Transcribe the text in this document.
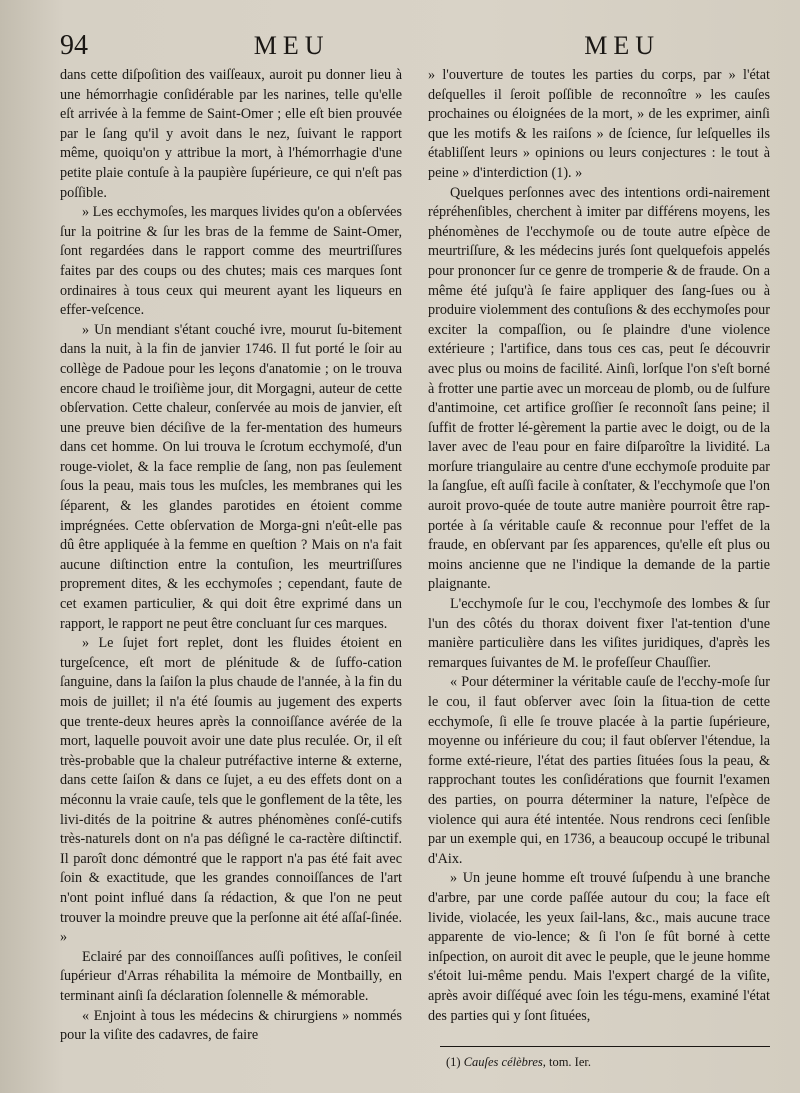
94	MEU	MEU

dans cette diſpoſition des vaiſſeaux, auroit pu donner lieu à une hémorrhagie conſidérable par les narines, telle qu'elle eſt arrivée à la femme de Saint-Omer ; elle eſt bien prouvée par le ſang qu'il y avoit dans le nez, ſuivant le rapport même, quoiqu'on y attribue la mort, à l'hémorrhagie d'une petite plaie contuſe à la paupière ſupérieure, ce qui n'eſt pas poſſible.

» Les ecchymoſes, les marques livides qu'on a obſervées ſur la poitrine & ſur les bras de la femme de Saint-Omer, ſont regardées dans le rapport comme des meurtriſſures faites par des coups ou des chutes; mais ces marques ſont ordinaires à tous ceux qui meurent ayant les liqueurs en effer-veſcence.

» Un mendiant s'étant couché ivre, mourut ſu-bitement dans la nuit, à la fin de janvier 1746. Il fut porté le ſoir au collège de Padoue pour les leçons d'anatomie ; on le trouva encore chaud le troiſième jour, dit Morgagni, auteur de cette obſervation. Cette chaleur, conſervée au mois de janvier, eſt une preuve bien déciſive de la fer-mentation des humeurs dans cet homme. On lui trouva le ſcrotum ecchymoſé, d'un rouge-violet, & la face remplie de ſang, non pas ſeulement ſous la peau, mais tous les muſcles, les membranes qui les ſéparent, & les glandes parotides en étoient comme imprégnées. Cette obſervation de Morga-gni n'eût-elle pas dû être appliquée à la femme en queſtion ? Mais on n'a fait aucune diſtinction entre la contuſion, les meurtriſſures proprement dites, & les ecchymoſes ; cependant, faute de cet examen particulier, & qui doit être exprimé dans un rapport, le rapport ne peut être concluant ſur ces marques.

» Le ſujet fort replet, dont les fluides étoient en turgeſcence, eſt mort de plénitude & de ſuffo-cation ſanguine, dans la ſaiſon la plus chaude de l'année, à la fin du mois de juillet; il n'a été ſoumis au jugement des experts que trente-deux heures après la connoiſſance avérée de la mort, laquelle pouvoit avoir une date plus reculée. Or, il eſt très-probable que la chaleur putréfactive interne & externe, dans cette ſaiſon & dans ce ſujet, a eu des effets dont on a méconnu la vraie cauſe, tels que le gonflement de la tête, les livi-dités de la poitrine & autres phénomènes conſé-cutifs très-naturels dont on n'a pas déſigné le ca-ractère diſtinctif. Il paroît donc démontré que le rapport n'a pas été fait avec ſoin & exactitude, que les grandes connoiſſances de l'art n'ont point influé dans ſa rédaction, & que l'on ne peut trouver la moindre preuve que la perſonne ait été aſſaſ-ſinée. »

Eclairé par des connoiſſances auſſi poſitives, le conſeil ſupérieur d'Arras réhabilita la mémoire de Montbailly, en terminant ainſi ſa déclaration ſolennelle & mémorable.

« Enjoint à tous les médecins & chirurgiens » nommés pour la viſite des cadavres, de faire

» l'ouverture de toutes les parties du corps, par » l'état deſquelles il ſeroit poſſible de reconnoître » les cauſes prochaines ou éloignées de la mort, » de les exprimer, ainſi que les motifs & les raiſons » de ſcience, ſur leſquelles ils établiſſent leurs » opinions ou leurs conjectures : le tout à peine » d'interdiction (1). »

Quelques perſonnes avec des intentions ordi-nairement répréhenſibles, cherchent à imiter par différens moyens, les phénomènes de l'ecchymoſe ou de toute autre eſpèce de meurtriſſure, & les médecins jurés ſont quelquefois appelés pour prononcer ſur ce genre de tromperie & de fraude. On a même été juſqu'à ſe faire appliquer des ſang-ſues ou à produire violemment des contuſions & des ecchymoſes pour exciter la compaſſion, ou ſe plaindre d'une violence extérieure ; l'artifice, dans tous ces cas, peut ſe découvrir avec plus ou moins de facilité. Ainſi, lorſque l'on s'eſt borné à frotter une partie avec un morceau de plomb, ou de ſulfure d'antimoine, cet artifice groſſier ſe reconnoît ſans peine; il ſuffit de frotter lé-gèrement la partie avec le doigt, ou de la laver avec de l'eau pour en faire diſparoître la lividité. La morſure triangulaire au centre d'une ecchymoſe produite par la ſangſue, eſt auſſi facile à conſtater, & l'ecchymoſe que l'on auroit provo-quée de toute autre manière pourroit être rap-portée à ſa véritable cauſe & reconnue pour l'effet de la fraude, en obſervant par ſes apparences, qu'elle eſt plus ou moins ancienne que ne l'indique la demande de la partie plaignante.

L'ecchymoſe ſur le cou, l'ecchymoſe des lombes & ſur l'un des côtés du thorax doivent fixer l'at-tention d'une manière particulière dans les viſites juridiques, d'après les remarques ſuivantes de M. le profeſſeur Chauſſier.

« Pour déterminer la véritable cauſe de l'ecchy-moſe ſur le cou, il faut obſerver avec ſoin la ſitua-tion de cette ecchymoſe, ſi elle ſe trouve placée à la partie ſupérieure, moyenne ou inférieure du cou; il faut obſerver l'étendue, la forme exté-rieure, l'état des parties ſituées ſous la peau, & rapprochant toutes les conſidérations que fournit l'examen des parties, on pourra déterminer la nature, l'eſpèce de violence qui aura été intentée. Nous rendrons ceci ſenſible par un exemple qui, en 1736, a beaucoup occupé le tribunal d'Aix.

» Un jeune homme eſt trouvé ſuſpendu à une branche d'arbre, par une corde paſſée autour du cou; la face eſt livide, violacée, les yeux ſail-lans, &c., mais aucune trace apparente de vio-lence; & ſi l'on ſe fût borné à cette inſpection, on auroit dit avec le peuple, que le jeune homme s'étoit lui-même pendu. Mais l'expert chargé de la viſite, après avoir diſſéqué avec ſoin les tégu-mens, examiné l'état des parties qui y ſont ſituées,

(1) Cauſes célèbres, tom. Ier.
